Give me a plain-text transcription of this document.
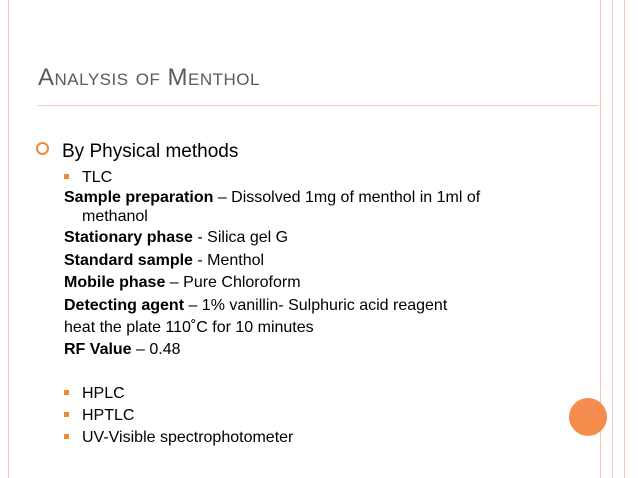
Analysis of Menthol
By Physical methods
TLC
Sample preparation – Dissolved 1mg of menthol in 1ml of
methanol
Stationary phase - Silica gel G
Standard sample - Menthol
Mobile phase – Pure Chloroform
Detecting agent – 1% vanillin- Sulphuric acid reagent
heat the plate 110˚C for 10 minutes
RF Value – 0.48
HPLC
HPTLC
UV-Visible spectrophotometer
